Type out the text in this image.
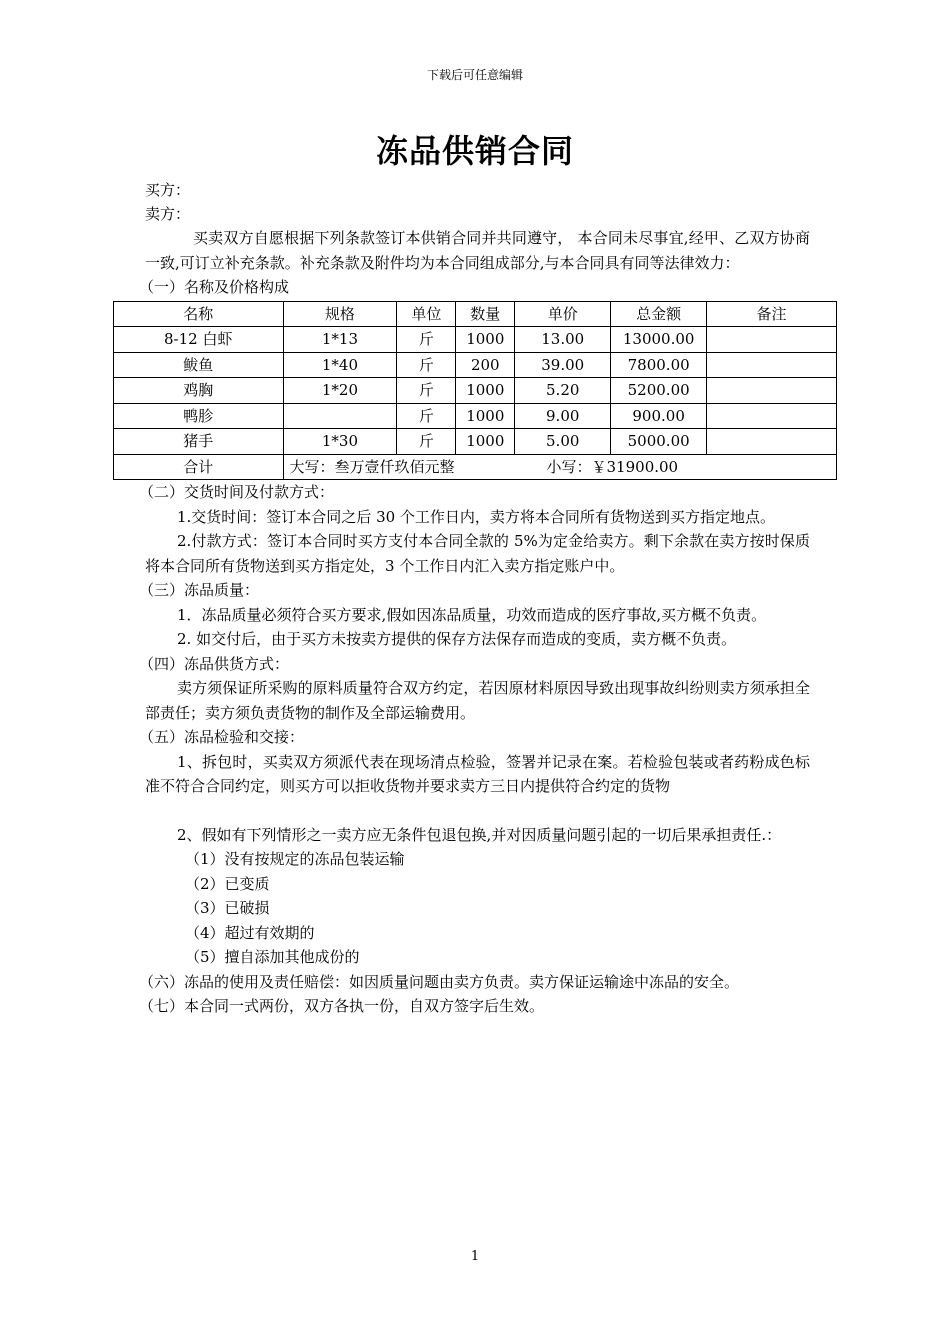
下载后可任意编辑
冻品供销合同
买方：
卖方：
买卖双方自愿根据下列条款签订本供销合同并共同遵守， 本合同未尽事宜,经甲、乙双方协商一致,可订立补充条款。补充条款及附件均为本合同组成部分,与本合同具有同等法律效力：
（一）名称及价格构成
名称	规格	单位	数量	单价	总金额	备注
8-12 白虾	1*13	斤	1000	13.00	13000.00	
鲅鱼	1*40	斤	200	39.00	7800.00	
鸡胸	1*20	斤	1000	5.20	5200.00	
鸭胗		斤	1000	9.00	900.00	
猪手	1*30	斤	1000	5.00	5000.00	
合计	大写：叁万壹仟玖佰元整 小写：￥31900.00					
（二）交货时间及付款方式：
1.交货时间：签订本合同之后 30 个工作日内，卖方将本合同所有货物送到买方指定地点。
2.付款方式：签订本合同时买方支付本合同全款的 5%为定金给卖方。剩下余款在卖方按时保质将本合同所有货物送到买方指定处，3 个工作日内汇入卖方指定账户中。
（三）冻品质量：
1．冻品质量必须符合买方要求,假如因冻品质量，功效而造成的医疗事故,买方概不负责。
2. 如交付后，由于买方未按卖方提供的保存方法保存而造成的变质，卖方概不负责。
（四）冻品供货方式：
卖方须保证所采购的原料质量符合双方约定，若因原材料原因导致出现事故纠纷则卖方须承担全部责任；卖方须负责货物的制作及全部运输费用。
（五）冻品检验和交接：
1、拆包时，买卖双方须派代表在现场清点检验，签署并记录在案。若检验包装或者药粉成色标准不符合合同约定，则买方可以拒收货物并要求卖方三日内提供符合约定的货物
2、假如有下列情形之一卖方应无条件包退包换,并对因质量问题引起的一切后果承担责任.：
（1）没有按规定的冻品包装运输
（2）已变质
（3）已破损
（4）超过有效期的
（5）擅自添加其他成份的
（六）冻品的使用及责任赔偿：如因质量问题由卖方负责。卖方保证运输途中冻品的安全。
（七）本合同一式两份，双方各执一份，自双方签字后生效。
1
